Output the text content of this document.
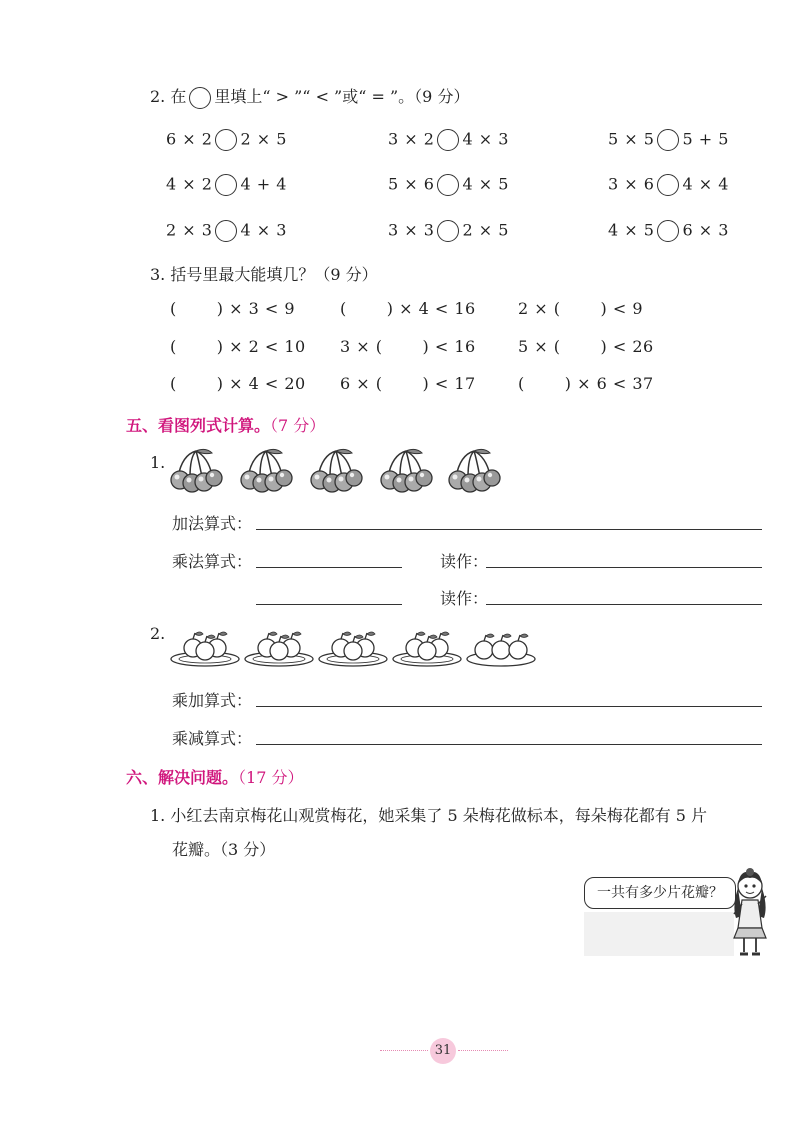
2. 在 里填上“ > ”“ < ”或“ = ”。（9 分）
6 × 2 2 × 5	3 × 2 4 × 3	5 × 5 5 + 5
4 × 2 4 + 4	5 × 6 4 × 5	3 × 6 4 × 4
2 × 3 4 × 3	3 × 3 2 × 5	4 × 5 6 × 3
3. 括号里最大能填几？（9 分）
(	) × 3 < 9	(	) × 4 < 16	2 × (	) < 9
(	) × 2 < 10 3 × (	) < 16	5 × (	) < 26
(	) × 4 < 20 6 × (	) < 17	(	) × 6 < 37
五、看图列式计算。（7 分）
1.
加法算式：
乘法算式：	读作：
读作：
2.
乘加算式：
乘减算式：
六、解决问题。（17 分）
1. 小红去南京梅花山观赏梅花，她采集了 5 朵梅花做标本，每朵梅花都有 5 片
花瓣。（3 分）
一共有多少片花瓣？
31
